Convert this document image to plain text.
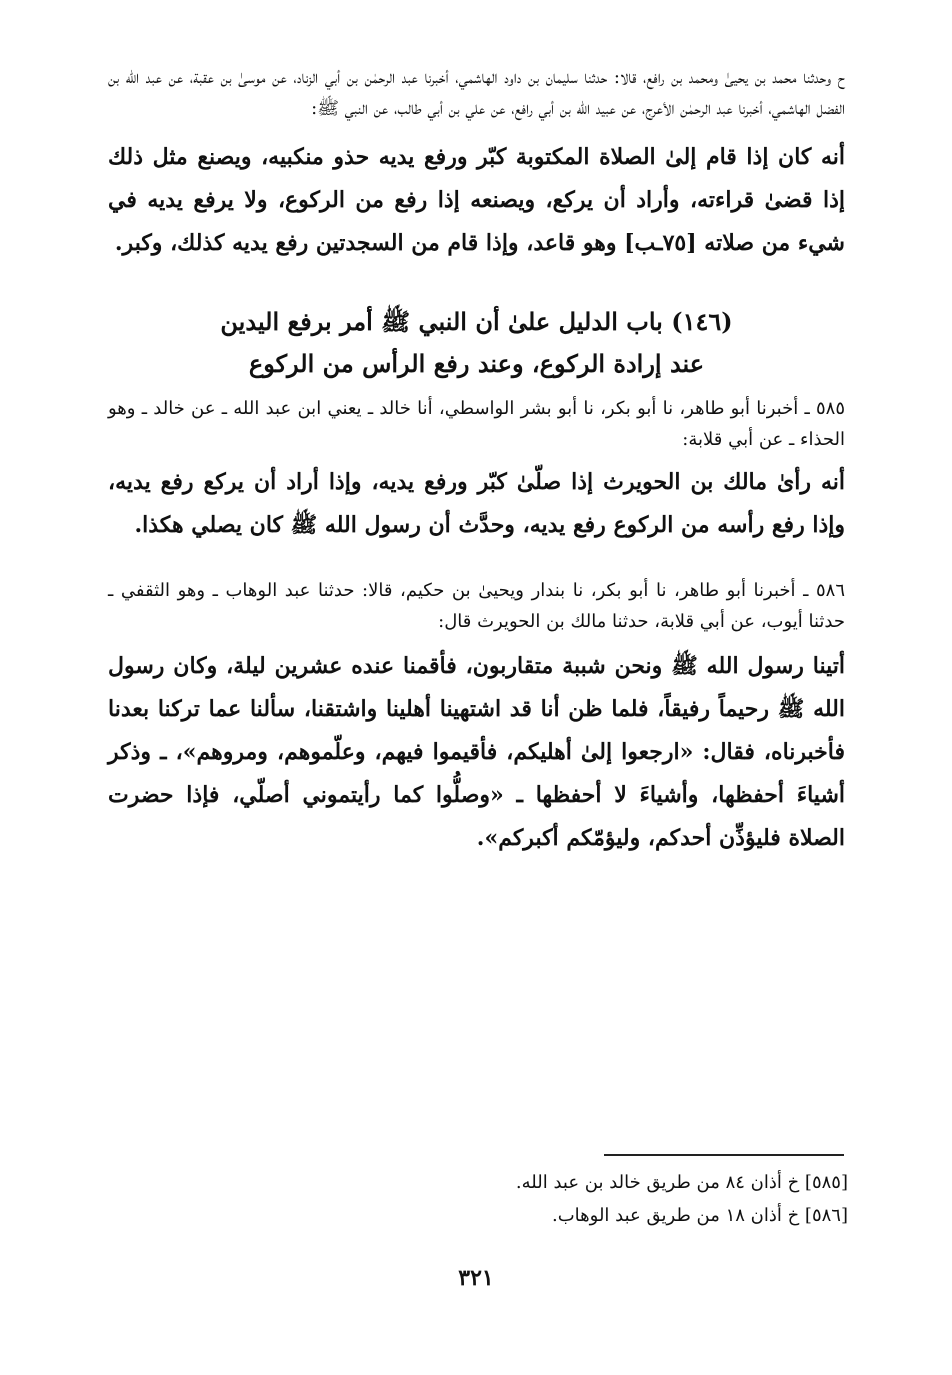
ح وحدثنا محمد بن يحيىٰ ومحمد بن رافع، قالا: حدثنا سليمان بن داود الهاشمي، أخبرنا عبد الرحمٰن بن أبي الزناد، عن موسىٰ بن عقبة، عن عبد الله بن الفضل الهاشمي، أخبرنا عبد الرحمٰن الأعرج، عن عبيد الله بن أبي رافع، عن علي بن أبي طالب، عن النبي ﷺ:

أنه كان إذا قام إلىٰ الصلاة المكتوبة كبّر ورفع يديه حذو منكبيه، ويصنع مثل ذلك إذا قضىٰ قراءته، وأراد أن يركع، ويصنعه إذا رفع من الركوع، ولا يرفع يديه في شيء من صلاته [٧٥ـب] وهو قاعد، وإذا قام من السجدتين رفع يديه كذلك، وكبر.

(١٤٦) باب الدليل علىٰ أن النبي ﷺ أمر برفع اليدين
عند إرادة الركوع، وعند رفع الرأس من الركوع

٥٨٥ ـ أخبرنا أبو طاهر، نا أبو بكر، نا أبو بشر الواسطي، أنا خالد ـ يعني ابن عبد الله ـ عن خالد ـ وهو الحذاء ـ عن أبي قلابة:

أنه رأىٰ مالك بن الحويرث إذا صلّىٰ كبّر ورفع يديه، وإذا أراد أن يركع رفع يديه، وإذا رفع رأسه من الركوع رفع يديه، وحدَّث أن رسول الله ﷺ كان يصلي هكذا.

٥٨٦ ـ أخبرنا أبو طاهر، نا أبو بكر، نا بندار ويحيىٰ بن حكيم، قالا: حدثنا عبد الوهاب ـ وهو الثقفي ـ حدثنا أيوب، عن أبي قلابة، حدثنا مالك بن الحويرث قال:

أتينا رسول الله ﷺ ونحن شببة متقاربون، فأقمنا عنده عشرين ليلة، وكان رسول الله ﷺ رحيماً رفيقاً، فلما ظن أنا قد اشتهينا أهلينا واشتقنا، سألنا عما تركنا بعدنا فأخبرناه، فقال: «ارجعوا إلىٰ أهليكم، فأقيموا فيهم، وعلّموهم، ومروهم»، ـ وذكر أشياءَ أحفظها، وأشياءَ لا أحفظها ـ «وصلُّوا كما رأيتموني أصلّي، فإذا حضرت الصلاة فليؤذِّن أحدكم، وليؤمّكم أكبركم».

[٥٨٥] خ أذان ٨٤ من طريق خالد بن عبد الله.
[٥٨٦] خ أذان ١٨ من طريق عبد الوهاب.
٣٢١
